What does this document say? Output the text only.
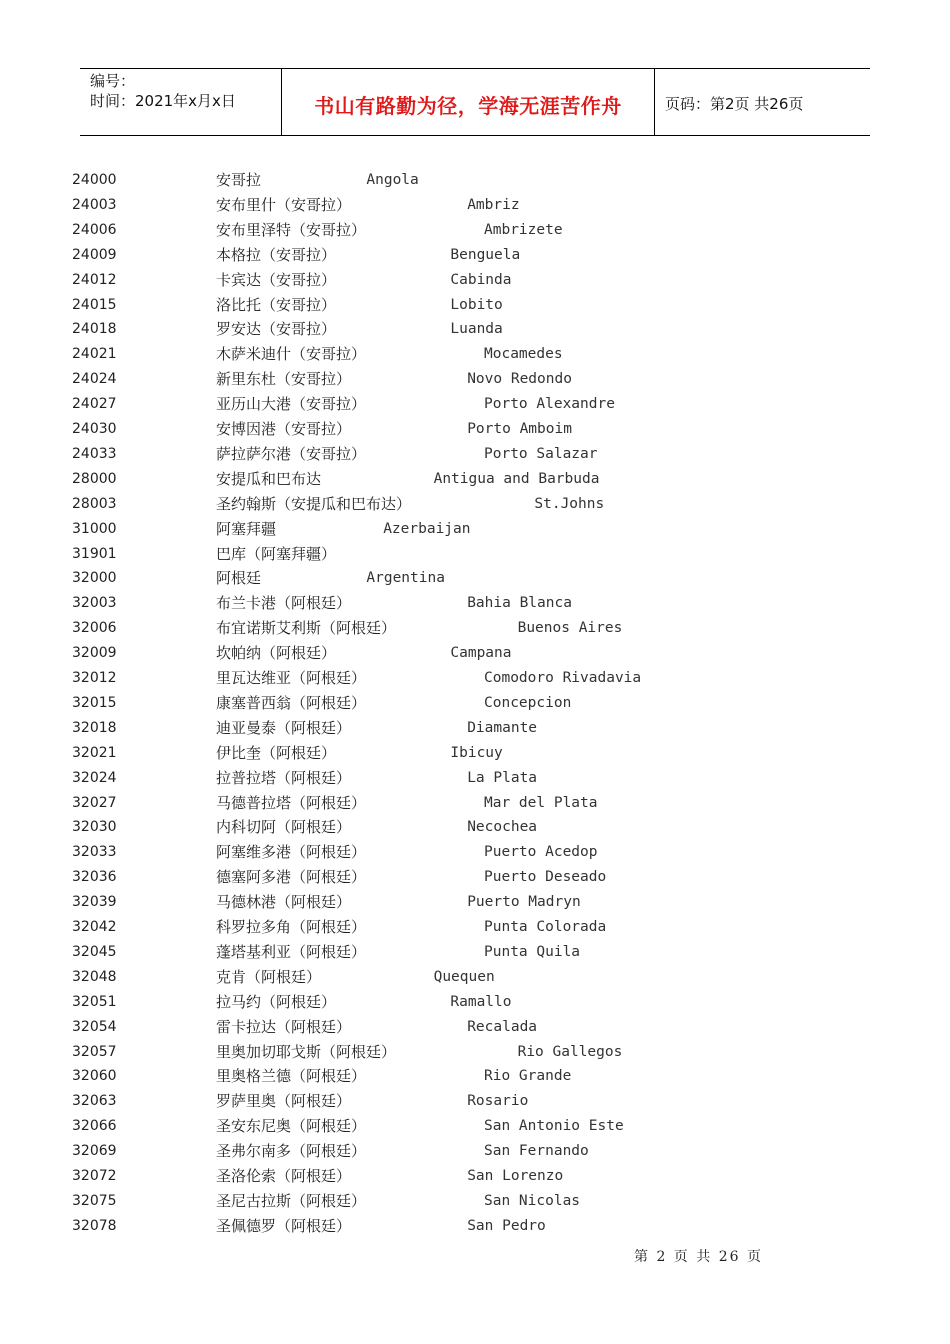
编号：
时间：2021年x月x日	书山有路勤为径，学海无涯苦作舟	页码：第2页 共26页
24000	安哥拉	Angola
24003	安布里什（安哥拉）	Ambriz
24006	安布里泽特（安哥拉）	Ambrizete
24009	本格拉（安哥拉）	Benguela
24012	卡宾达（安哥拉）	Cabinda
24015	洛比托（安哥拉）	Lobito
24018	罗安达（安哥拉）	Luanda
24021	木萨米迪什（安哥拉）	Mocamedes
24024	新里东杜（安哥拉）	Novo Redondo
24027	亚历山大港（安哥拉）	Porto Alexandre
24030	安博因港（安哥拉）	Porto Amboim
24033	萨拉萨尔港（安哥拉）	Porto Salazar
28000	安提瓜和巴布达	Antigua and Barbuda
28003	圣约翰斯（安提瓜和巴布达）	St.Johns
31000	阿塞拜疆	Azerbaijan
31901	巴库（阿塞拜疆）
32000	阿根廷	Argentina
32003	布兰卡港（阿根廷）	Bahia Blanca
32006	布宜诺斯艾利斯（阿根廷）	Buenos Aires
32009	坎帕纳（阿根廷）	Campana
32012	里瓦达维亚（阿根廷）	Comodoro Rivadavia
32015	康塞普西翁（阿根廷）	Concepcion
32018	迪亚曼泰（阿根廷）	Diamante
32021	伊比奎（阿根廷）	Ibicuy
32024	拉普拉塔（阿根廷）	La Plata
32027	马德普拉塔（阿根廷）	Mar del Plata
32030	内科切阿（阿根廷）	Necochea
32033	阿塞维多港（阿根廷）	Puerto Acedop
32036	德塞阿多港（阿根廷）	Puerto Deseado
32039	马德林港（阿根廷）	Puerto Madryn
32042	科罗拉多角（阿根廷）	Punta Colorada
32045	蓬塔基利亚（阿根廷）	Punta Quila
32048	克肯（阿根廷）	Quequen
32051	拉马约（阿根廷）	Ramallo
32054	雷卡拉达（阿根廷）	Recalada
32057	里奥加切耶戈斯（阿根廷）	Rio Gallegos
32060	里奥格兰德（阿根廷）	Rio Grande
32063	罗萨里奥（阿根廷）	Rosario
32066	圣安东尼奥（阿根廷）	San Antonio Este
32069	圣弗尔南多（阿根廷）	San Fernando
32072	圣洛伦索（阿根廷）	San Lorenzo
32075	圣尼古拉斯（阿根廷）	San Nicolas
32078	圣佩德罗（阿根廷）	San Pedro
第 2 页 共 26 页
